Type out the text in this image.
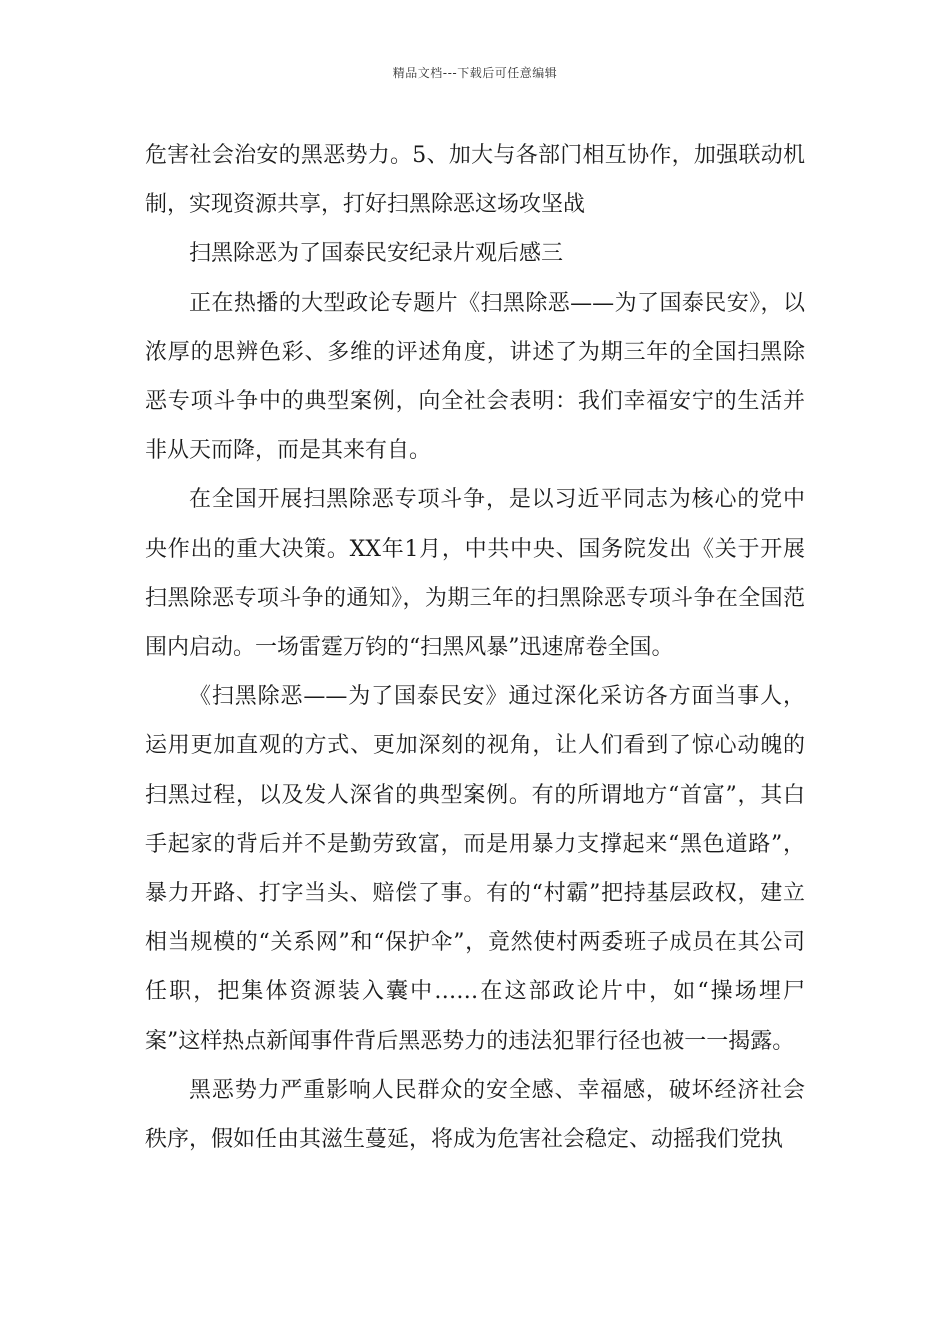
精品文档---下载后可任意编辑

危害社会治安的黑恶势力。5、加大与各部门相互协作，加强联动机制，实现资源共享，打好扫黑除恶这场攻坚战

扫黑除恶为了国泰民安纪录片观后感三

正在热播的大型政论专题片《扫黑除恶——为了国泰民安》，以浓厚的思辨色彩、多维的评述角度，讲述了为期三年的全国扫黑除恶专项斗争中的典型案例，向全社会表明：我们幸福安宁的生活并非从天而降，而是其来有自。

在全国开展扫黑除恶专项斗争，是以习近平同志为核心的党中央作出的重大决策。XX年1月，中共中央、国务院发出《关于开展扫黑除恶专项斗争的通知》，为期三年的扫黑除恶专项斗争在全国范围内启动。一场雷霆万钧的“扫黑风暴”迅速席卷全国。

《扫黑除恶——为了国泰民安》通过深化采访各方面当事人，运用更加直观的方式、更加深刻的视角，让人们看到了惊心动魄的扫黑过程，以及发人深省的典型案例。有的所谓地方“首富”，其白手起家的背后并不是勤劳致富，而是用暴力支撑起来“黑色道路”，暴力开路、打字当头、赔偿了事。有的“村霸”把持基层政权，建立相当规模的“关系网”和“保护伞”，竟然使村两委班子成员在其公司任职，把集体资源装入囊中……在这部政论片中，如“操场埋尸案”这样热点新闻事件背后黑恶势力的违法犯罪行径也被一一揭露。

黑恶势力严重影响人民群众的安全感、幸福感，破坏经济社会秩序，假如任由其滋生蔓延，将成为危害社会稳定、动摇我们党执
